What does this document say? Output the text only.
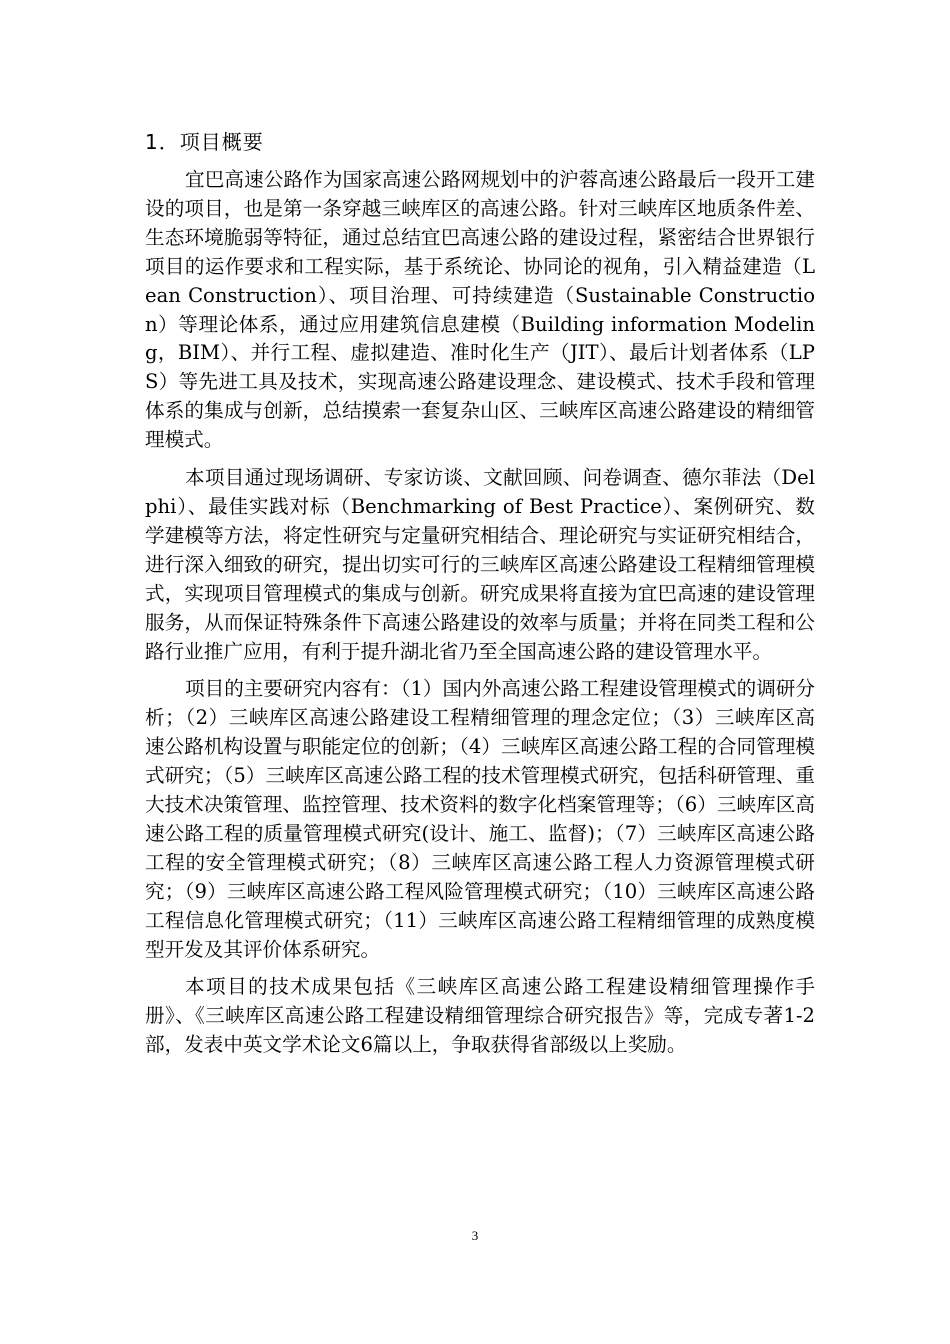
1．项目概要

宜巴高速公路作为国家高速公路网规划中的沪蓉高速公路最后一段开工建设的项目，也是第一条穿越三峡库区的高速公路。针对三峡库区地质条件差、生态环境脆弱等特征，通过总结宜巴高速公路的建设过程，紧密结合世界银行项目的运作要求和工程实际，基于系统论、协同论的视角，引入精益建造（Lean Construction）、项目治理、可持续建造（Sustainable Construction）等理论体系，通过应用建筑信息建模（Building information Modeling，BIM）、并行工程、虚拟建造、准时化生产（JIT）、最后计划者体系（LPS）等先进工具及技术，实现高速公路建设理念、建设模式、技术手段和管理体系的集成与创新，总结摸索一套复杂山区、三峡库区高速公路建设的精细管理模式。

本项目通过现场调研、专家访谈、文献回顾、问卷调查、德尔菲法（Delphi）、最佳实践对标（Benchmarking of Best Practice）、案例研究、数学建模等方法，将定性研究与定量研究相结合、理论研究与实证研究相结合，进行深入细致的研究，提出切实可行的三峡库区高速公路建设工程精细管理模式，实现项目管理模式的集成与创新。研究成果将直接为宜巴高速的建设管理服务，从而保证特殊条件下高速公路建设的效率与质量；并将在同类工程和公路行业推广应用，有利于提升湖北省乃至全国高速公路的建设管理水平。

项目的主要研究内容有：（1）国内外高速公路工程建设管理模式的调研分析；（2）三峡库区高速公路建设工程精细管理的理念定位；（3）三峡库区高速公路机构设置与职能定位的创新；（4）三峡库区高速公路工程的合同管理模式研究；（5）三峡库区高速公路工程的技术管理模式研究，包括科研管理、重大技术决策管理、监控管理、技术资料的数字化档案管理等；（6）三峡库区高速公路工程的质量管理模式研究(设计、施工、监督)；（7）三峡库区高速公路工程的安全管理模式研究；（8）三峡库区高速公路工程人力资源管理模式研究；（9）三峡库区高速公路工程风险管理模式研究；（10）三峡库区高速公路工程信息化管理模式研究；（11）三峡库区高速公路工程精细管理的成熟度模型开发及其评价体系研究。

本项目的技术成果包括《三峡库区高速公路工程建设精细管理操作手册》、《三峡库区高速公路工程建设精细管理综合研究报告》等，完成专著1-2部，发表中英文学术论文6篇以上，争取获得省部级以上奖励。

3
